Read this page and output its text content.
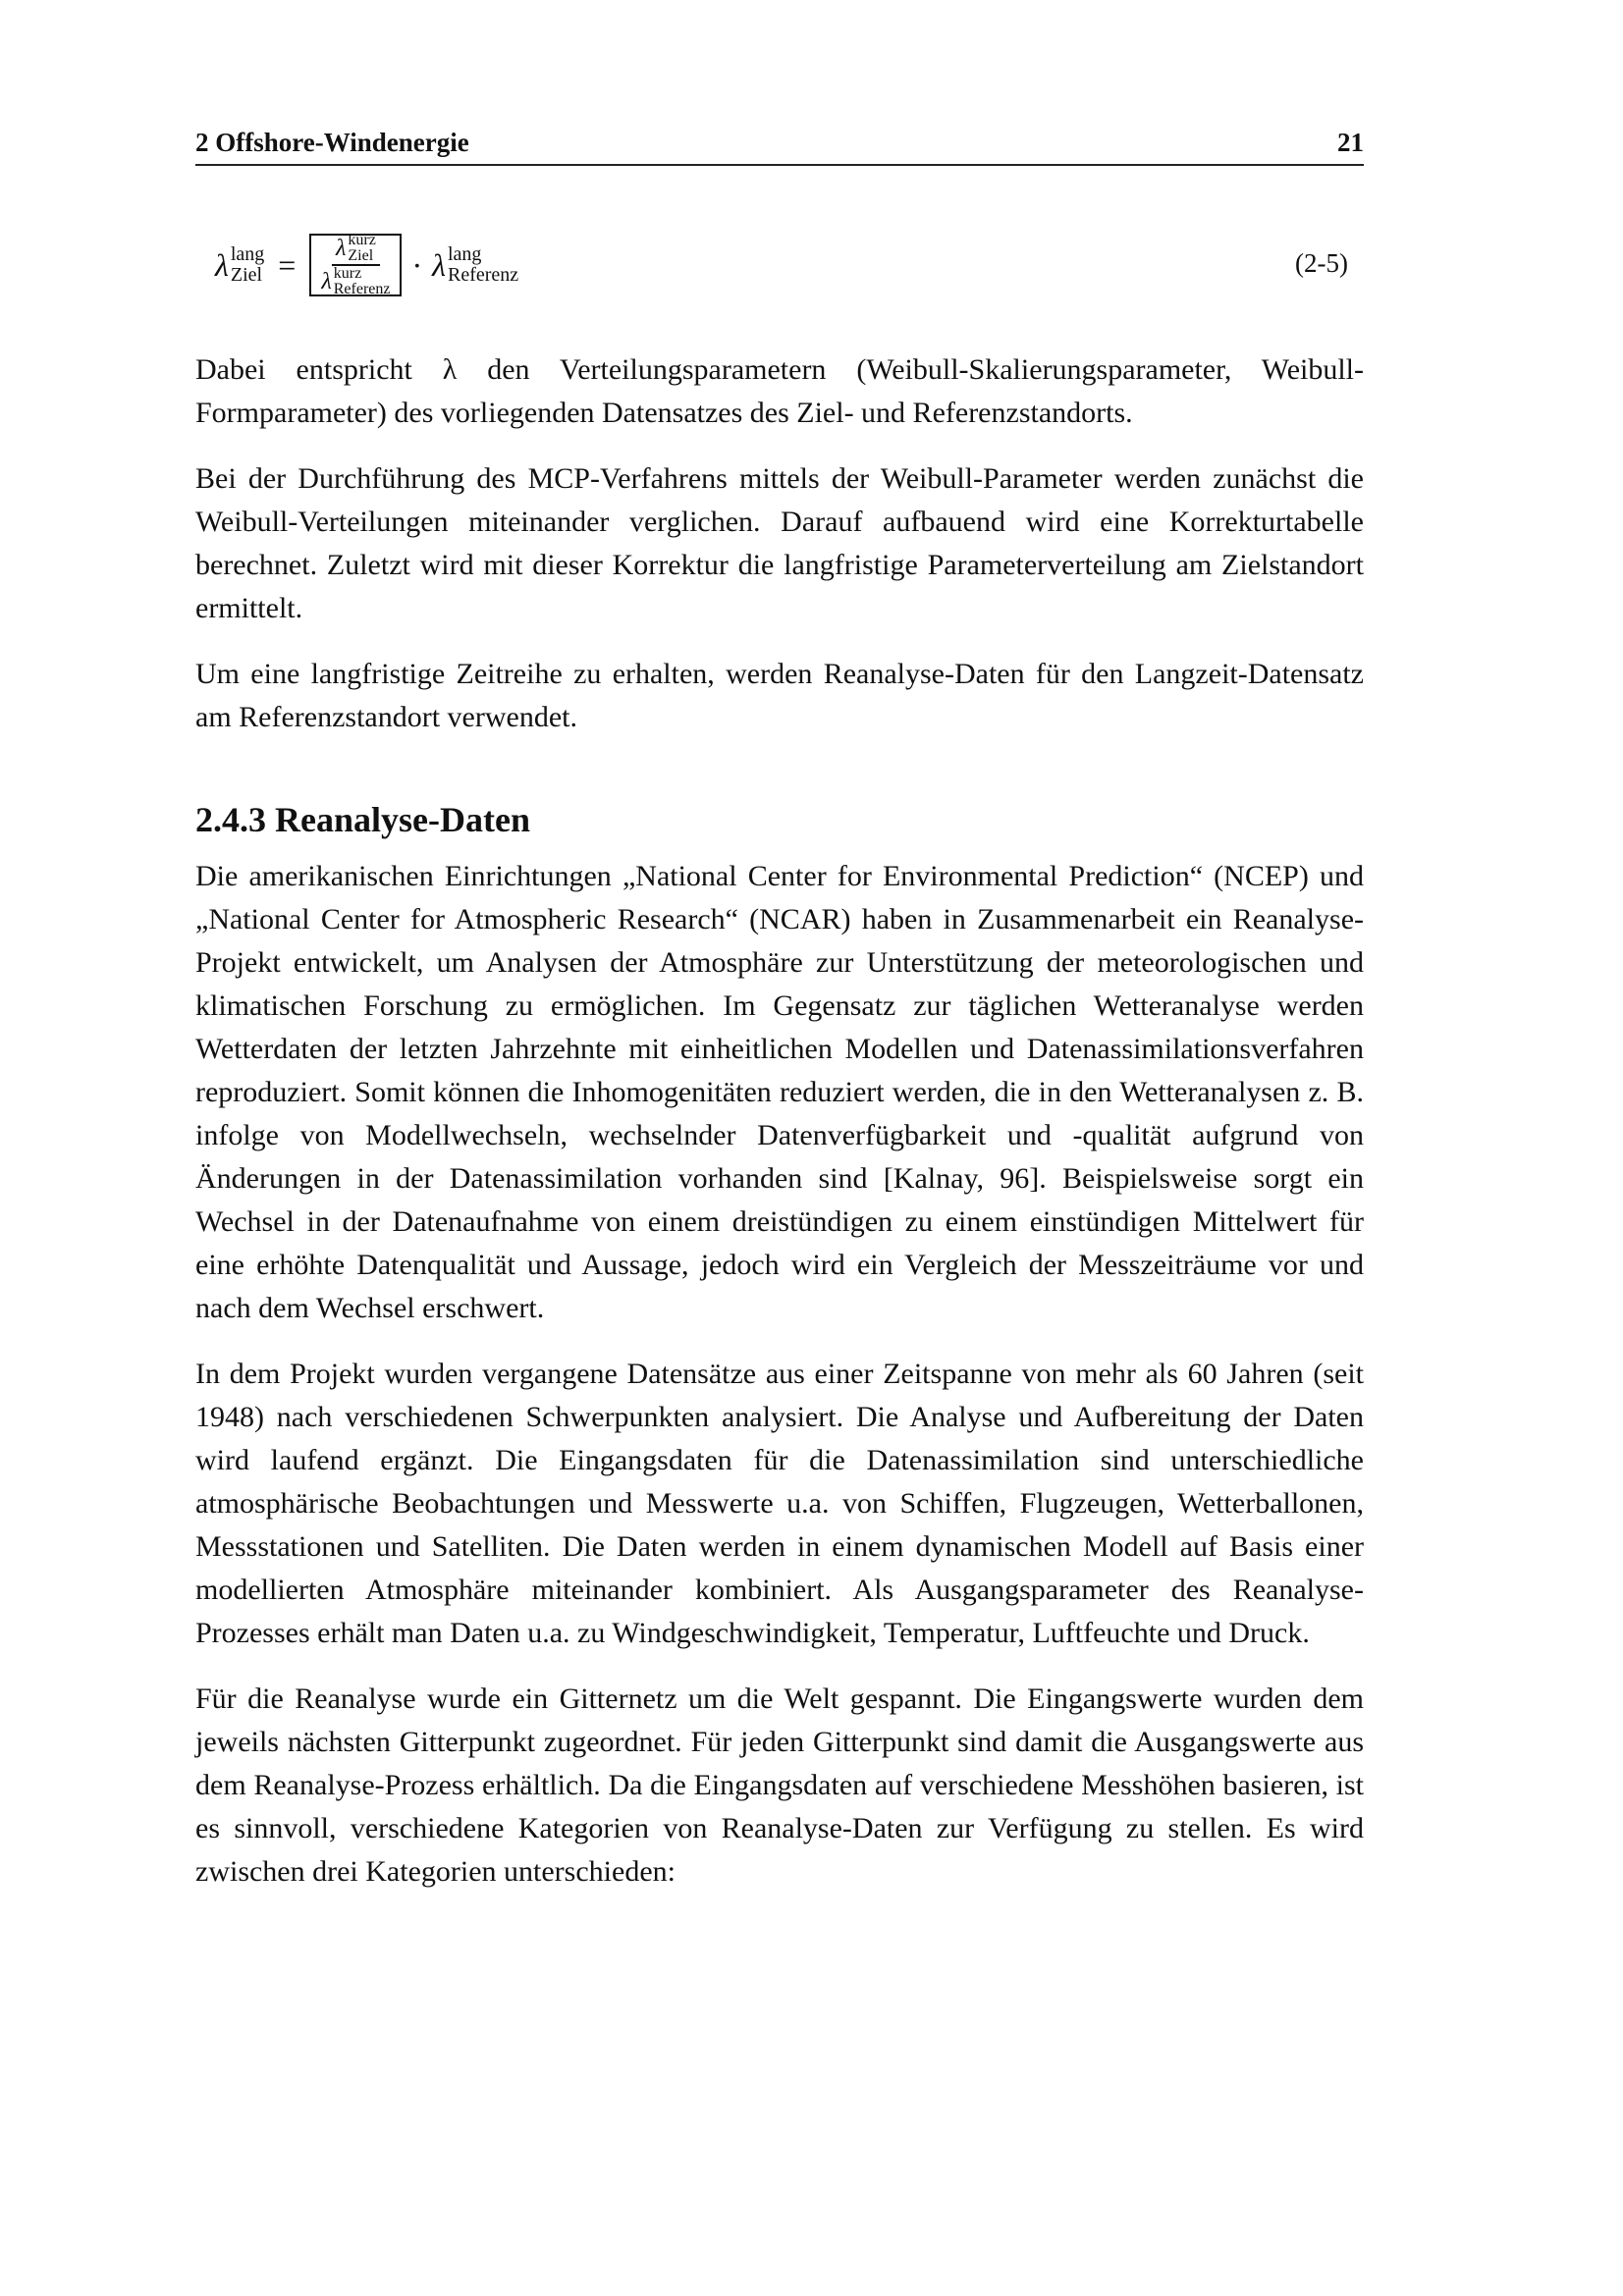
2 Offshore-Windenergie	21
λ lang
Ziel = λ kurz
Ziel
λ kurz
Referenz · λ lang
Referenz	(2-5)

Dabei entspricht λ den Verteilungsparametern (Weibull-Skalierungsparameter, Weibull-Formparameter) des vorliegenden Datensatzes des Ziel- und Referenzstandorts.

Bei der Durchführung des MCP-Verfahrens mittels der Weibull-Parameter werden zunächst die Weibull-Verteilungen miteinander verglichen. Darauf aufbauend wird eine Korrekturtabelle berechnet. Zuletzt wird mit dieser Korrektur die langfristige Parameterverteilung am Zielstandort ermittelt.

Um eine langfristige Zeitreihe zu erhalten, werden Reanalyse-Daten für den Langzeit-Datensatz am Referenzstandort verwendet.

2.4.3 Reanalyse-Daten

Die amerikanischen Einrichtungen „National Center for Environmental Prediction“ (NCEP) und „National Center for Atmospheric Research“ (NCAR) haben in Zusammenarbeit ein Reanalyse-Projekt entwickelt, um Analysen der Atmosphäre zur Unterstützung der meteorologischen und klimatischen Forschung zu ermöglichen. Im Gegensatz zur täglichen Wetteranalyse werden Wetterdaten der letzten Jahrzehnte mit einheitlichen Modellen und Datenassimilationsverfahren reproduziert. Somit können die Inhomogenitäten reduziert werden, die in den Wetteranalysen z. B. infolge von Modellwechseln, wechselnder Datenverfügbarkeit und -qualität aufgrund von Änderungen in der Datenassimilation vorhanden sind [Kalnay, 96]. Beispielsweise sorgt ein Wechsel in der Datenaufnahme von einem dreistündigen zu einem einstündigen Mittelwert für eine erhöhte Datenqualität und Aussage, jedoch wird ein Vergleich der Messzeiträume vor und nach dem Wechsel erschwert.

In dem Projekt wurden vergangene Datensätze aus einer Zeitspanne von mehr als 60 Jahren (seit 1948) nach verschiedenen Schwerpunkten analysiert. Die Analyse und Aufbereitung der Daten wird laufend ergänzt. Die Eingangsdaten für die Datenassimilation sind unterschiedliche atmosphärische Beobachtungen und Messwerte u.a. von Schiffen, Flugzeugen, Wetterballonen, Messstationen und Satelliten. Die Daten werden in einem dynamischen Modell auf Basis einer modellierten Atmosphäre miteinander kombiniert. Als Ausgangsparameter des Reanalyse-Prozesses erhält man Daten u.a. zu Windgeschwindigkeit, Temperatur, Luftfeuchte und Druck.

Für die Reanalyse wurde ein Gitternetz um die Welt gespannt. Die Eingangswerte wurden dem jeweils nächsten Gitterpunkt zugeordnet. Für jeden Gitterpunkt sind damit die Ausgangswerte aus dem Reanalyse-Prozess erhältlich. Da die Eingangsdaten auf verschiedene Messhöhen basieren, ist es sinnvoll, verschiedene Kategorien von Reanalyse-Daten zur Verfügung zu stellen. Es wird zwischen drei Kategorien unterschieden:
